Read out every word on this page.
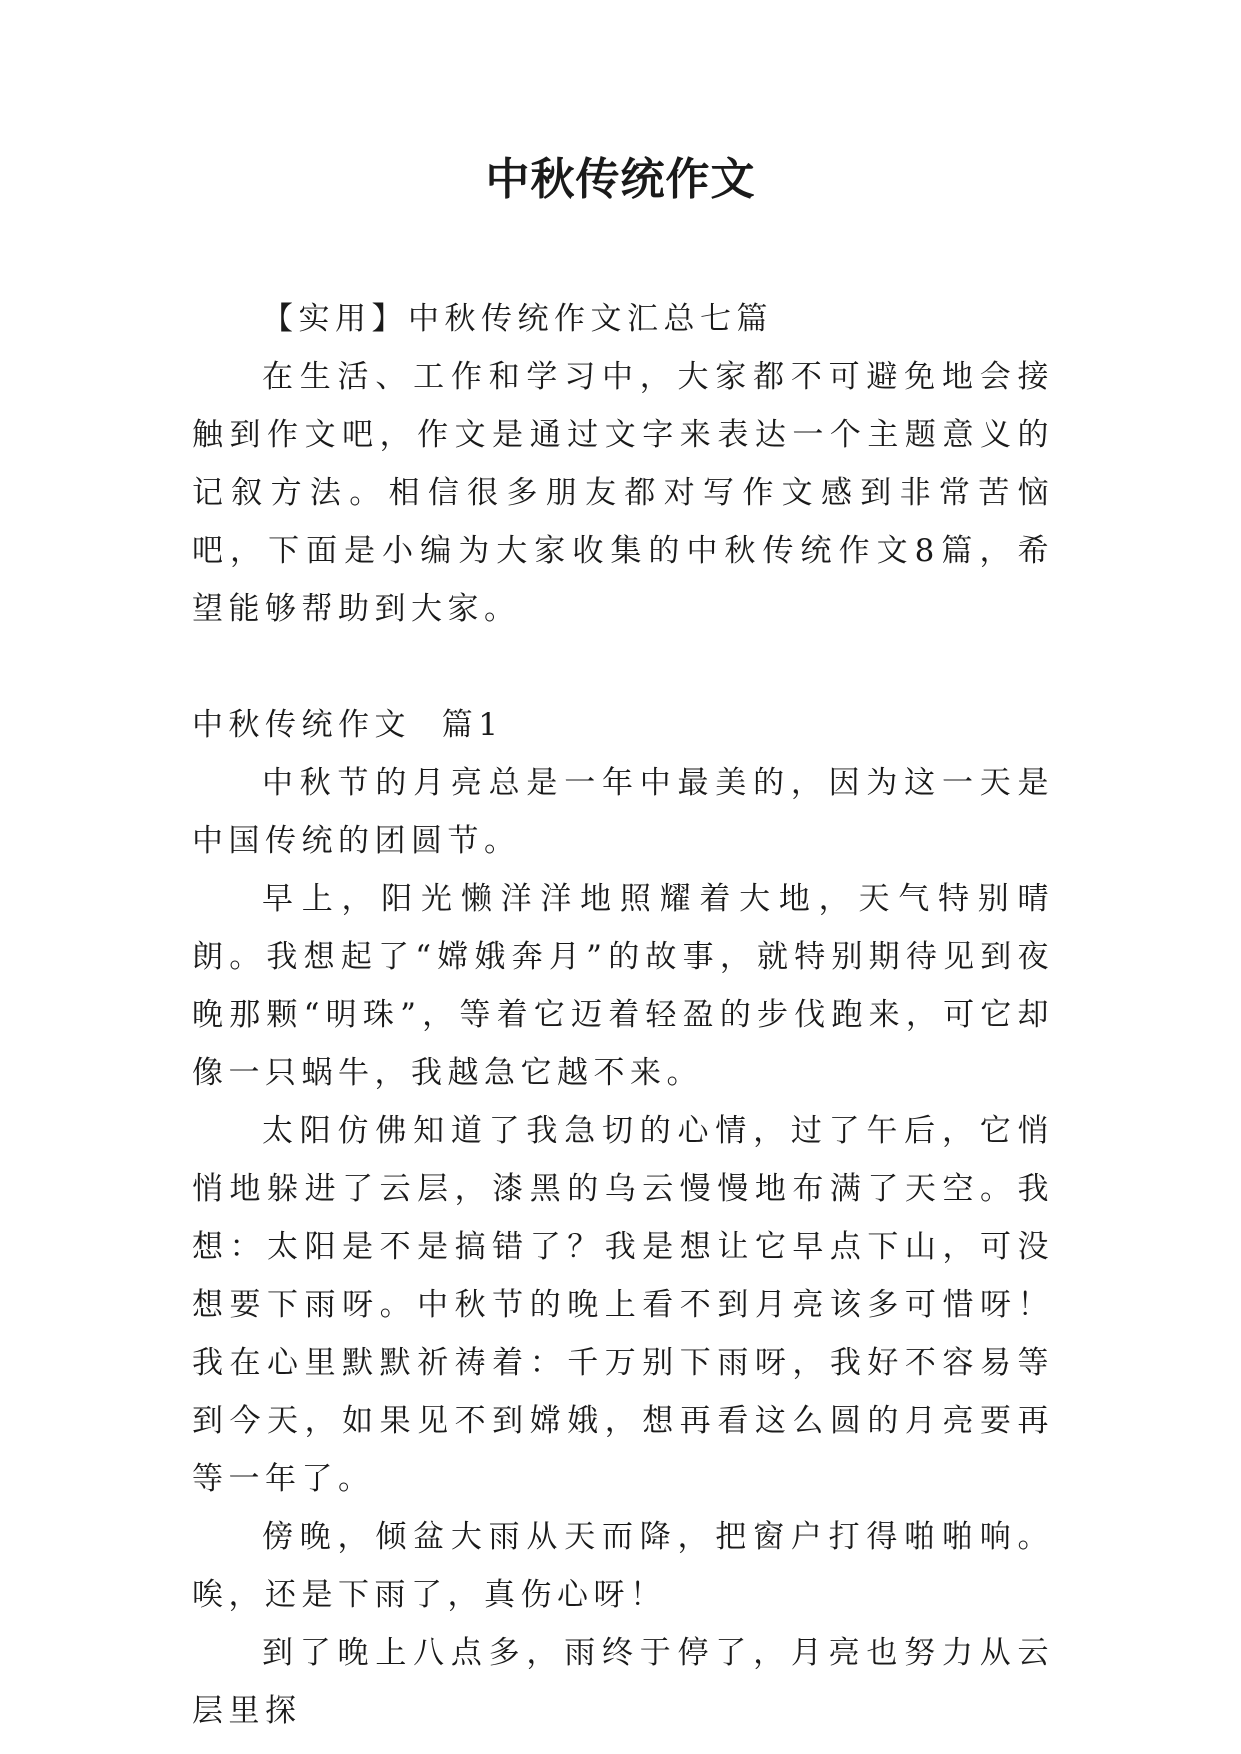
中秋传统作文

【实用】中秋传统作文汇总七篇

在生活、工作和学习中，大家都不可避免地会接触到作文吧，作文是通过文字来表达一个主题意义的记叙方法。相信很多朋友都对写作文感到非常苦恼吧，下面是小编为大家收集的中秋传统作文8篇，希望能够帮助到大家。

中秋传统作文  篇1

中秋节的月亮总是一年中最美的，因为这一天是中国传统的团圆节。

早上，阳光懒洋洋地照耀着大地，天气特别晴朗。我想起了“嫦娥奔月”的故事，就特别期待见到夜晚那颗“明珠”，等着它迈着轻盈的步伐跑来，可它却像一只蜗牛，我越急它越不来。

太阳仿佛知道了我急切的心情，过了午后，它悄悄地躲进了云层，漆黑的乌云慢慢地布满了天空。我想：太阳是不是搞错了？我是想让它早点下山，可没想要下雨呀。中秋节的晚上看不到月亮该多可惜呀！我在心里默默祈祷着：千万别下雨呀，我好不容易等到今天，如果见不到嫦娥，想再看这么圆的月亮要再等一年了。

傍晚，倾盆大雨从天而降，把窗户打得啪啪响。唉，还是下雨了，真伤心呀！

到了晚上八点多，雨终于停了，月亮也努力从云层里探
